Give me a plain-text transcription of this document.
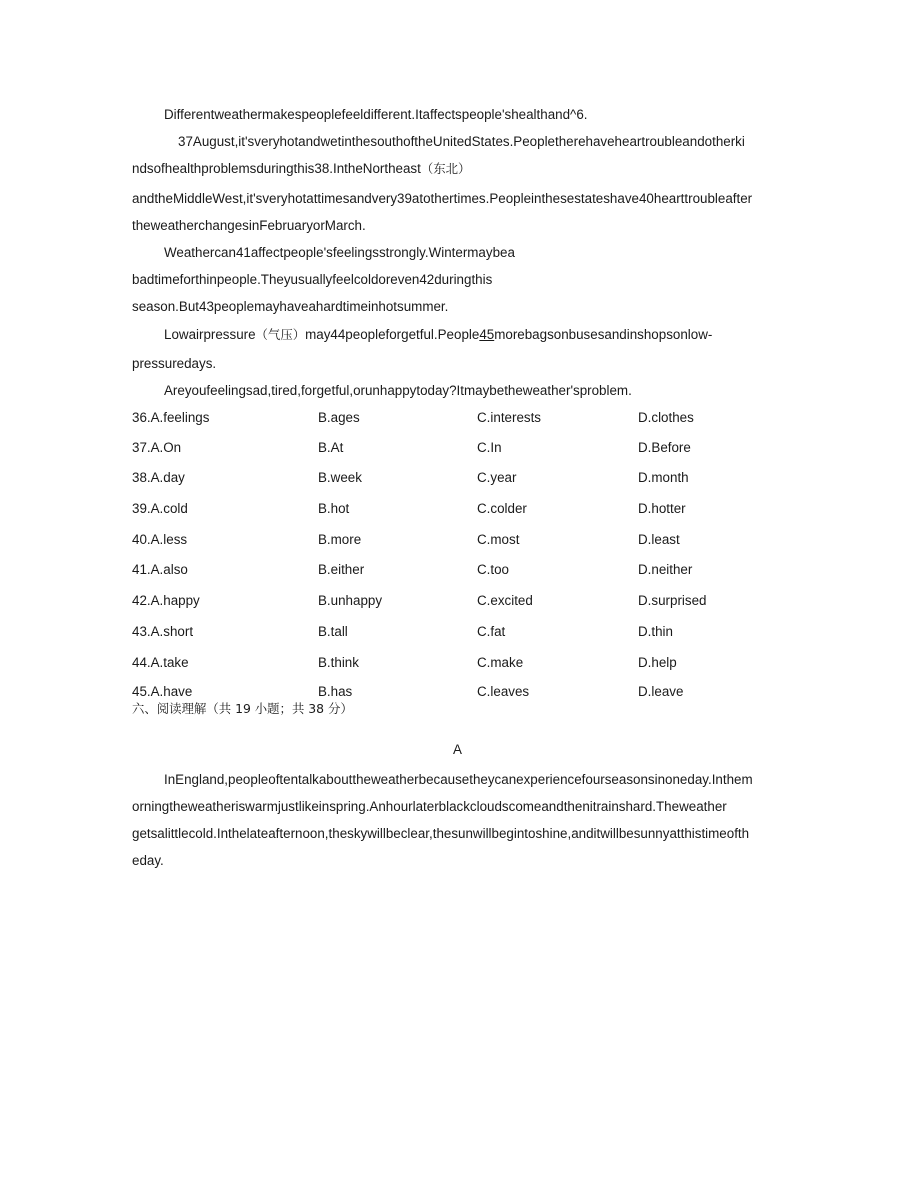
Differentweathermakespeoplefeeldifferent.Itaffectspeople'shealthand^6.
37August,it'sveryhotandwetinthesouthoftheUnitedStates.Peopletherehaveheartroubleandotherki
ndsofhealthproblemsduringthis38.IntheNortheast（东北）
andtheMiddleWest,it'sveryhotattimesandvery39atothertimes.Peopleinthesestateshave40hearttroubleafter
theweatherchangesinFebruaryorMarch.
Weathercan41affectpeople'sfeelingsstrongly.Wintermaybea
badtimeforthinpeople.Theyusuallyfeelcoldoreven42duringthis
season.But43peoplemayhaveahardtimeinhotsummer.
Lowairpressure（气压）may44peopleforgetful.People45morebagsonbusesandinshopsonlow-
pressuredays.
Areyoufeelingsad,tired,forgetful,orunhappytoday?Itmaybetheweather'sproblem.
36.A.feelings	B.ages	C.interests	D.clothes
37.A.On	B.At	C.In	D.Before
38.A.day	B.week	C.year	D.month
39.A.cold	B.hot	C.colder	D.hotter
40.A.less	B.more	C.most	D.least
41.A.also	B.either	C.too	D.neither
42.A.happy	B.unhappy	C.excited	D.surprised
43.A.short	B.tall	C.fat	D.thin
44.A.take	B.think	C.make	D.help
45.A.have	B.has	C.leaves	D.leave
六、阅读理解（共 19 小题；共 38 分）
A
InEngland,peopleoftentalkabouttheweatherbecausetheycanexperiencefourseasonsinoneday.Inthem
orningtheweatheriswarmjustlikeinspring.Anhourlaterblackcloudscomeandthenitrainshard.Theweather
getsalittlecold.Inthelateafternoon,theskywillbeclear,thesunwillbegintoshine,anditwillbesunnyatthistimeofth
eday.
